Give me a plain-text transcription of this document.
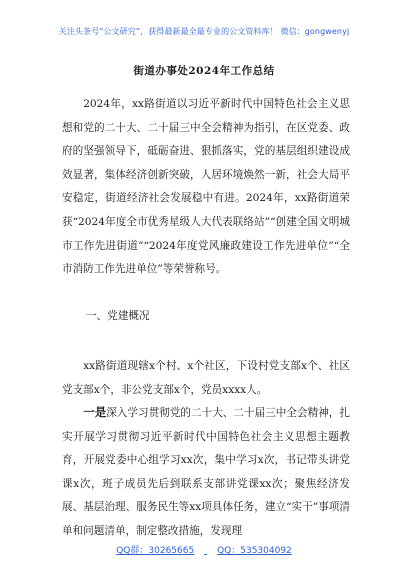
关注头条号“公文研究”，获得最新最全最专业的公文资料库！ 微信：gongwenyj
街道办事处2024年工作总结
2024年，xx路街道以习近平新时代中国特色社会主义思想和党的二十大、二十届三中全会精神为指引，在区党委、政府的坚强领导下，砥砺奋进、狠抓落实，党的基层组织建设成效显著，集体经济创新突破，人居环境焕然一新，社会大局平安稳定，街道经济社会发展稳中有进。2024年，xx路街道荣获“2024年度全市优秀星级人大代表联络站”“创建全国文明城市工作先进街道”“2024年度党风廉政建设工作先进单位”“全市消防工作先进单位”等荣誉称号。
一、党建概况
xx路街道现辖x个村、x个社区，下设村党支部x个、社区党支部x个，非公党支部x个，党员xxxx人。
一是深入学习贯彻党的二十大、二十届三中全会精神，扎实开展学习贯彻习近平新时代中国特色社会主义思想主题教育，开展党委中心组学习xx次，集中学习x次，书记带头讲党课x次，班子成员先后到联系支部讲党课xx次；聚焦经济发展、基层治理、服务民生等xx项具体任务，建立“实干”事项清单和问题清单，制定整改措施，发现理
QQ群：30265665	QQ：535304092
